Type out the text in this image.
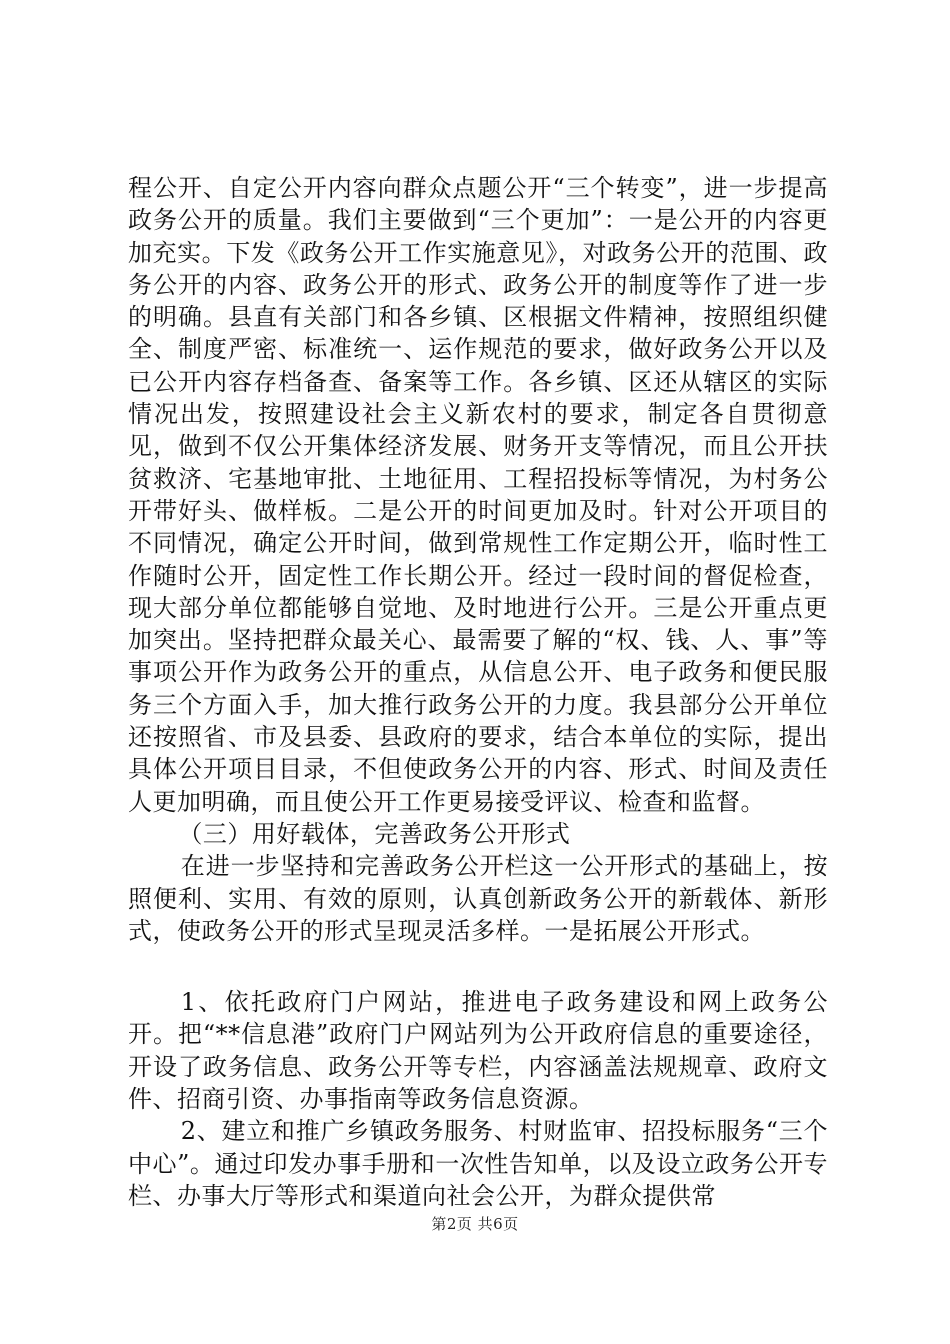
程公开、自定公开内容向群众点题公开“三个转变”，进一步提高政务公开的质量。我们主要做到“三个更加”：一是公开的内容更加充实。下发《政务公开工作实施意见》，对政务公开的范围、政务公开的内容、政务公开的形式、政务公开的制度等作了进一步的明确。县直有关部门和各乡镇、区根据文件精神，按照组织健全、制度严密、标准统一、运作规范的要求，做好政务公开以及已公开内容存档备查、备案等工作。各乡镇、区还从辖区的实际情况出发，按照建设社会主义新农村的要求，制定各自贯彻意见，做到不仅公开集体经济发展、财务开支等情况，而且公开扶贫救济、宅基地审批、土地征用、工程招投标等情况，为村务公开带好头、做样板。二是公开的时间更加及时。针对公开项目的不同情况，确定公开时间，做到常规性工作定期公开，临时性工作随时公开，固定性工作长期公开。经过一段时间的督促检查，现大部分单位都能够自觉地、及时地进行公开。三是公开重点更加突出。坚持把群众最关心、最需要了解的“权、钱、人、事”等事项公开作为政务公开的重点，从信息公开、电子政务和便民服务三个方面入手，加大推行政务公开的力度。我县部分公开单位还按照省、市及县委、县政府的要求，结合本单位的实际，提出具体公开项目目录，不但使政务公开的内容、形式、时间及责任人更加明确，而且使公开工作更易接受评议、检查和监督。

（三）用好载体，完善政务公开形式

在进一步坚持和完善政务公开栏这一公开形式的基础上，按照便利、实用、有效的原则，认真创新政务公开的新载体、新形式，使政务公开的形式呈现灵活多样。一是拓展公开形式。

1、依托政府门户网站，推进电子政务建设和网上政务公开。把“**信息港”政府门户网站列为公开政府信息的重要途径，开设了政务信息、政务公开等专栏，内容涵盖法规规章、政府文件、招商引资、办事指南等政务信息资源。

2、建立和推广乡镇政务服务、村财监审、招投标服务“三个中心”。通过印发办事手册和一次性告知单，以及设立政务公开专栏、办事大厅等形式和渠道向社会公开，为群众提供常

第2页 共6页
